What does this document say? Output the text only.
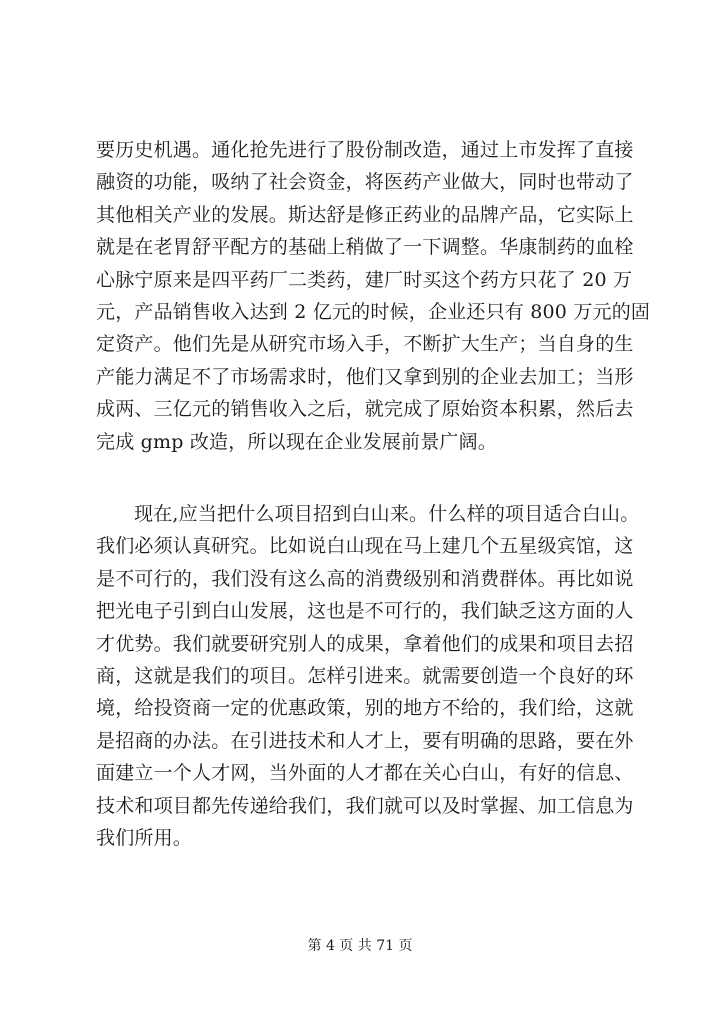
要历史机遇。通化抢先进行了股份制改造，通过上市发挥了直接
融资的功能，吸纳了社会资金，将医药产业做大，同时也带动了
其他相关产业的发展。斯达舒是修正药业的品牌产品，它实际上
就是在老胃舒平配方的基础上稍做了一下调整。华康制药的血栓
心脉宁原来是四平药厂二类药，建厂时买这个药方只花了 20 万
元，产品销售收入达到 2 亿元的时候，企业还只有 800 万元的固
定资产。他们先是从研究市场入手，不断扩大生产；当自身的生
产能力满足不了市场需求时，他们又拿到别的企业去加工；当形
成两、三亿元的销售收入之后，就完成了原始资本积累，然后去
完成 gmp 改造，所以现在企业发展前景广阔。
现在,应当把什么项目招到白山来。什么样的项目适合白山。
我们必须认真研究。比如说白山现在马上建几个五星级宾馆，这
是不可行的，我们没有这么高的消费级别和消费群体。再比如说
把光电子引到白山发展，这也是不可行的，我们缺乏这方面的人
才优势。我们就要研究别人的成果，拿着他们的成果和项目去招
商，这就是我们的项目。怎样引进来。就需要创造一个良好的环
境，给投资商一定的优惠政策，别的地方不给的，我们给，这就
是招商的办法。在引进技术和人才上，要有明确的思路，要在外
面建立一个人才网，当外面的人才都在关心白山，有好的信息、
技术和项目都先传递给我们，我们就可以及时掌握、加工信息为
我们所用。
第 4 页 共 71 页
